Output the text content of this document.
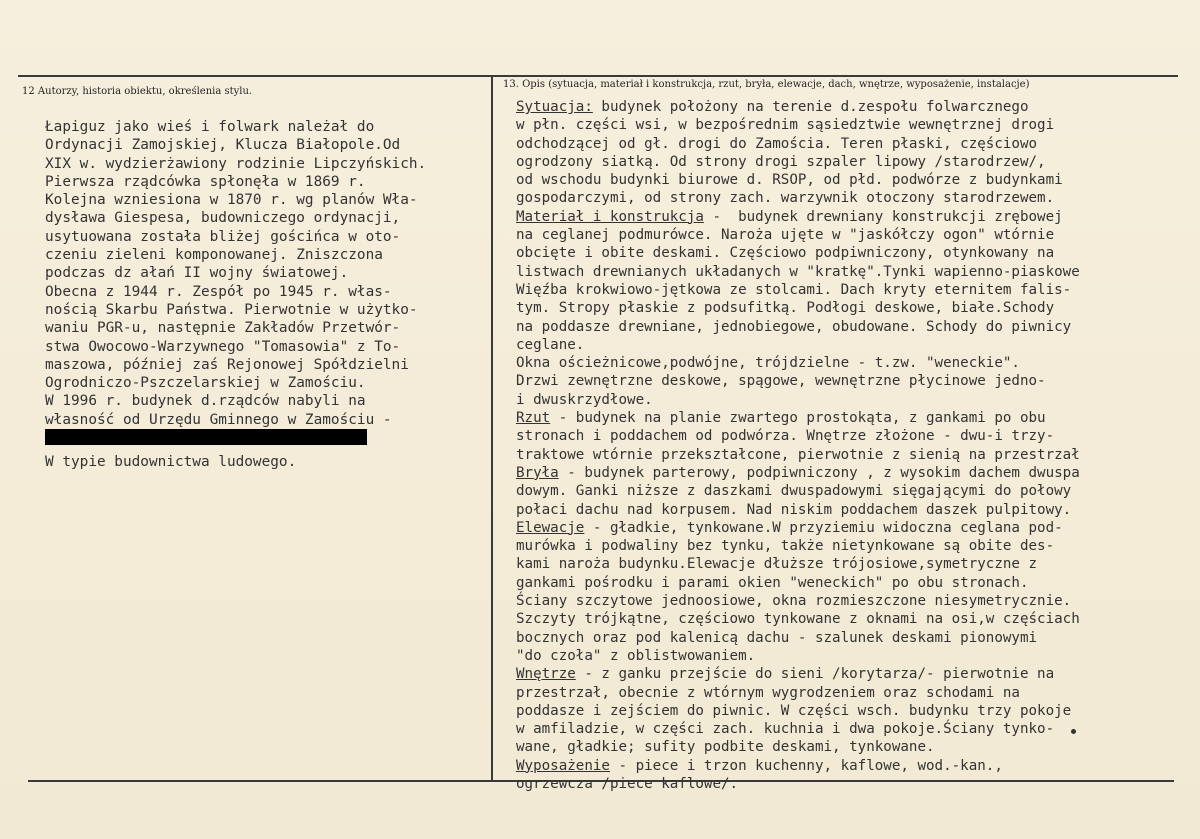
12 Autorzy, historia obiektu, określenia stylu.
13. Opis (sytuacja, materiał i konstrukcja, rzut, bryła, elewacje, dach, wnętrze, wyposażenie, instalacje)
Łapiguz jako wieś i folwark należał do
Ordynacji Zamojskiej, Klucza Białopole.Od
XIX w. wydzierżawiony rodzinie Lipczyńskich.
Pierwsza rządcówka spłonęła w 1869 r.
Kolejna wzniesiona w 1870 r. wg planów Wła-
dysława Giespesa, budowniczego ordynacji,
usytuowana została bliżej gościńca w oto-
czeniu zieleni komponowanej. Zniszczona
podczas dz ałań II wojny światowej.
Obecna z 1944 r. Zespół po 1945 r. włas-
nością Skarbu Państwa. Pierwotnie w użytko-
waniu PGR-u, następnie Zakładów Przetwór-
stwa Owocowo-Warzywnego "Tomasowia" z To-
maszowa, później zaś Rejonowej Spółdzielni
Ogrodniczo-Pszczelarskiej w Zamościu.
W 1996 r. budynek d.rządców nabyli na
własność od Urzędu Gminnego w Zamościu -
W typie budownictwa ludowego.
Sytuacja: budynek położony na terenie d.zespołu folwarcznego
w płn. części wsi, w bezpośrednim sąsiedztwie wewnętrznej drogi
odchodzącej od gł. drogi do Zamościa. Teren płaski, częściowo
ogrodzony siatką. Od strony drogi szpaler lipowy /starodrzew/,
od wschodu budynki biurowe d. RSOP, od płd. podwórze z budynkami
gospodarczymi, od strony zach. warzywnik otoczony starodrzewem.
Materiał i konstrukcja -  budynek drewniany konstrukcji zrębowej
na ceglanej podmurówce. Naroża ujęte w "jaskółczy ogon" wtórnie
obcięte i obite deskami. Częściowo podpiwniczony, otynkowany na
listwach drewnianych układanych w "kratkę".Tynki wapienno-piaskowe
Więźba krokwiowo-jętkowa ze stolcami. Dach kryty eternitem falis-
tym. Stropy płaskie z podsufitką. Podłogi deskowe, białe.Schody
na poddasze drewniane, jednobiegowe, obudowane. Schody do piwnicy
ceglane.
Okna ościeżnicowe,podwójne, trójdzielne - t.zw. "weneckie".
Drzwi zewnętrzne deskowe, spągowe, wewnętrzne płycinowe jedno-
i dwuskrzydłowe.
Rzut - budynek na planie zwartego prostokąta, z gankami po obu
stronach i poddachem od podwórza. Wnętrze złożone - dwu-i trzy-
traktowe wtórnie przekształcone, pierwotnie z sienią na przestrzał
Bryła - budynek parterowy, podpiwniczony , z wysokim dachem dwuspa
dowym. Ganki niższe z daszkami dwuspadowymi sięgającymi do połowy
połaci dachu nad korpusem. Nad niskim poddachem daszek pulpitowy.
Elewacje - gładkie, tynkowane.W przyziemiu widoczna ceglana pod-
murówka i podwaliny bez tynku, także nietynkowane są obite des-
kami naroża budynku.Elewacje dłuższe trójosiowe,symetryczne z
gankami pośrodku i parami okien "weneckich" po obu stronach.
Ściany szczytowe jednoosiowe, okna rozmieszczone niesymetrycznie.
Szczyty trójkątne, częściowo tynkowane z oknami na osi,w częściach
bocznych oraz pod kalenicą dachu - szalunek deskami pionowymi
"do czoła" z oblistwowaniem.
Wnętrze - z ganku przejście do sieni /korytarza/- pierwotnie na
przestrzał, obecnie z wtórnym wygrodzeniem oraz schodami na
poddasze i zejściem do piwnic. W części wsch. budynku trzy pokoje
w amfiladzie, w części zach. kuchnia i dwa pokoje.Ściany tynko-
wane, gładkie; sufity podbite deskami, tynkowane.
Wyposażenie - piece i trzon kuchenny, kaflowe, wod.-kan.,
ogrzewcza /piece kaflowe/.
